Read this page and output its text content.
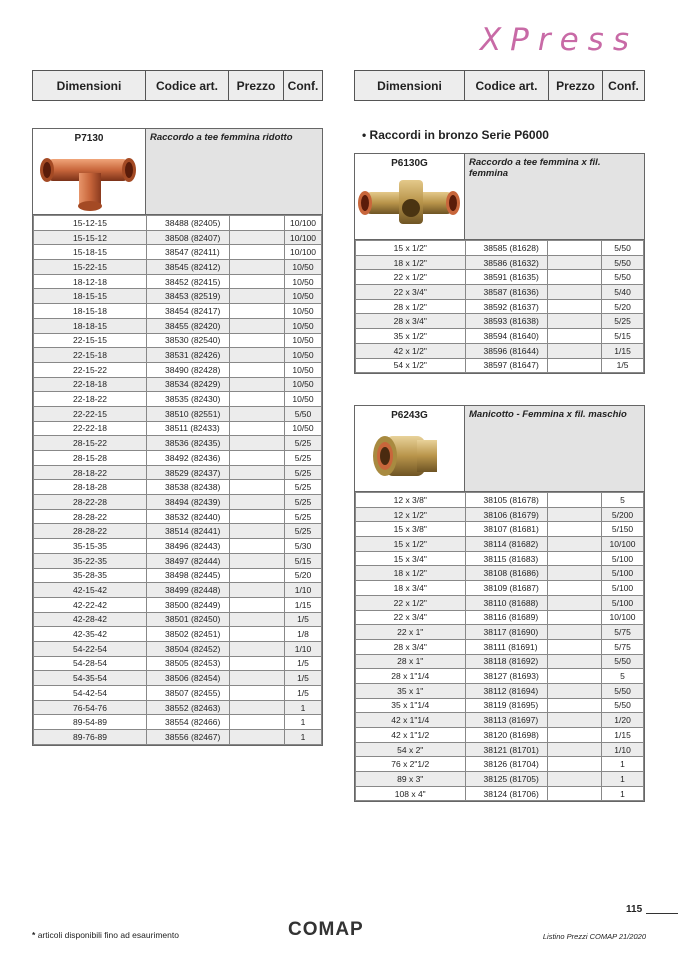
XPress
Dimensioni	Codice art.	Prezzo	Conf.	Dimensioni	Codice art.	Prezzo	Conf.
P7130	Raccordo a tee femmina ridotto
15-12-15	38488 (82405)		10/100
15-15-12	38508 (82407)		10/100
15-18-15	38547 (82411)		10/100
15-22-15	38545 (82412)		10/50
18-12-18	38452 (82415)		10/50
18-15-15	38453 (82519)		10/50
18-15-18	38454 (82417)		10/50
18-18-15	38455 (82420)		10/50
22-15-15	38530 (82540)		10/50
22-15-18	38531 (82426)		10/50
22-15-22	38490 (82428)		10/50
22-18-18	38534 (82429)		10/50
22-18-22	38535 (82430)		10/50
22-22-15	38510 (82551)		5/50
22-22-18	38511 (82433)		10/50
28-15-22	38536 (82435)		5/25
28-15-28	38492 (82436)		5/25
28-18-22	38529 (82437)		5/25
28-18-28	38538 (82438)		5/25
28-22-28	38494 (82439)		5/25
28-28-22	38532 (82440)		5/25
28-28-22	38514 (82441)		5/25
35-15-35	38496 (82443)		5/30
35-22-35	38497 (82444)		5/15
35-28-35	38498 (82445)		5/20
42-15-42	38499 (82448)		1/10
42-22-42	38500 (82449)		1/15
42-28-42	38501 (82450)		1/5
42-35-42	38502 (82451)		1/8
54-22-54	38504 (82452)		1/10
54-28-54	38505 (82453)		1/5
54-35-54	38506 (82454)		1/5
54-42-54	38507 (82455)		1/5
76-54-76	38552 (82463)		1
89-54-89	38554 (82466)		1
89-76-89	38556 (82467)		1
• Raccordi in bronzo Serie P6000
P6130G	Raccordo a tee femmina x fil. femmina
15 x 1/2"	38585 (81628)		5/50
18 x 1/2"	38586 (81632)		5/50
22 x 1/2"	38591 (81635)		5/50
22 x 3/4"	38587 (81636)		5/40
28 x 1/2"	38592 (81637)		5/20
28 x 3/4"	38593 (81638)		5/25
35 x 1/2"	38594 (81640)		5/15
42 x 1/2"	38596 (81644)		1/15
54 x 1/2"	38597 (81647)		1/5
P6243G	Manicotto - Femmina x fil. maschio
12 x 3/8"	38105 (81678)		5
12 x 1/2"	38106 (81679)		5/200
15 x 3/8"	38107 (81681)		5/150
15 x 1/2"	38114 (81682)		10/100
15 x 3/4"	38115 (81683)		5/100
18 x 1/2"	38108 (81686)		5/100
18 x 3/4"	38109 (81687)		5/100
22 x 1/2"	38110 (81688)		5/100
22 x 3/4"	38116 (81689)		10/100
22 x 1"	38117 (81690)		5/75
28 x 3/4"	38111 (81691)		5/75
28 x 1"	38118 (81692)		5/50
28 x 1"1/4	38127 (81693)		5
35 x 1"	38112 (81694)		5/50
35 x 1"1/4	38119 (81695)		5/50
42 x 1"1/4	38113 (81697)		1/20
42 x 1"1/2	38120 (81698)		1/15
54 x 2"	38121 (81701)		1/10
76 x 2"1/2	38126 (81704)		1
89 x 3"	38125 (81705)		1
108 x 4"	38124 (81706)		1
* articoli disponibili fino ad esaurimento	COMAP	Listino Prezzi COMAP 21/2020
115
